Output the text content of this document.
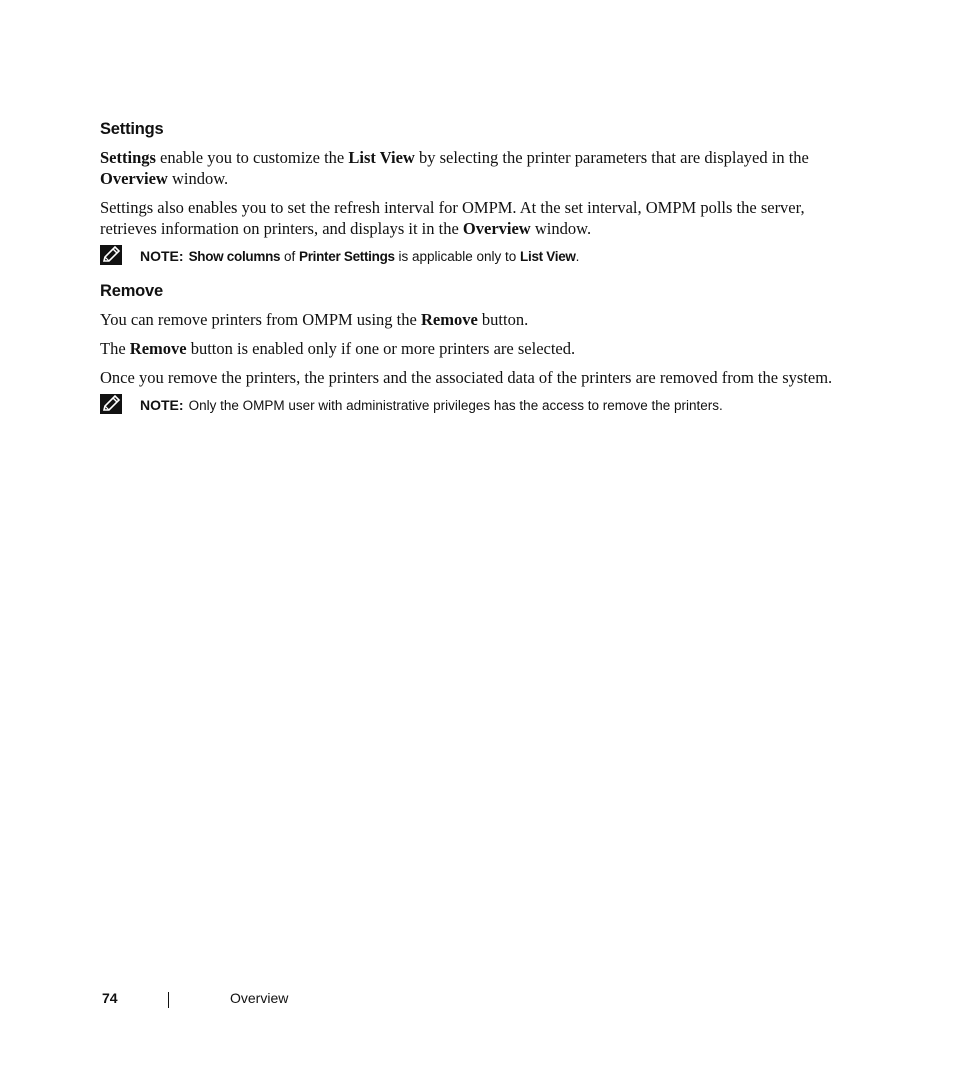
Settings

Settings enable you to customize the List View by selecting the printer parameters that are displayed in the Overview window.

Settings also enables you to set the refresh interval for OMPM. At the set interval, OMPM polls the server, retrieves information on printers, and displays it in the Overview window.

NOTE: Show columns of Printer Settings is applicable only to List View.
Remove

You can remove printers from OMPM using the Remove button.

The Remove button is enabled only if one or more printers are selected.

Once you remove the printers, the printers and the associated data of the printers are removed from the system.

NOTE: Only the OMPM user with administrative privileges has the access to remove the printers.
74	Overview
